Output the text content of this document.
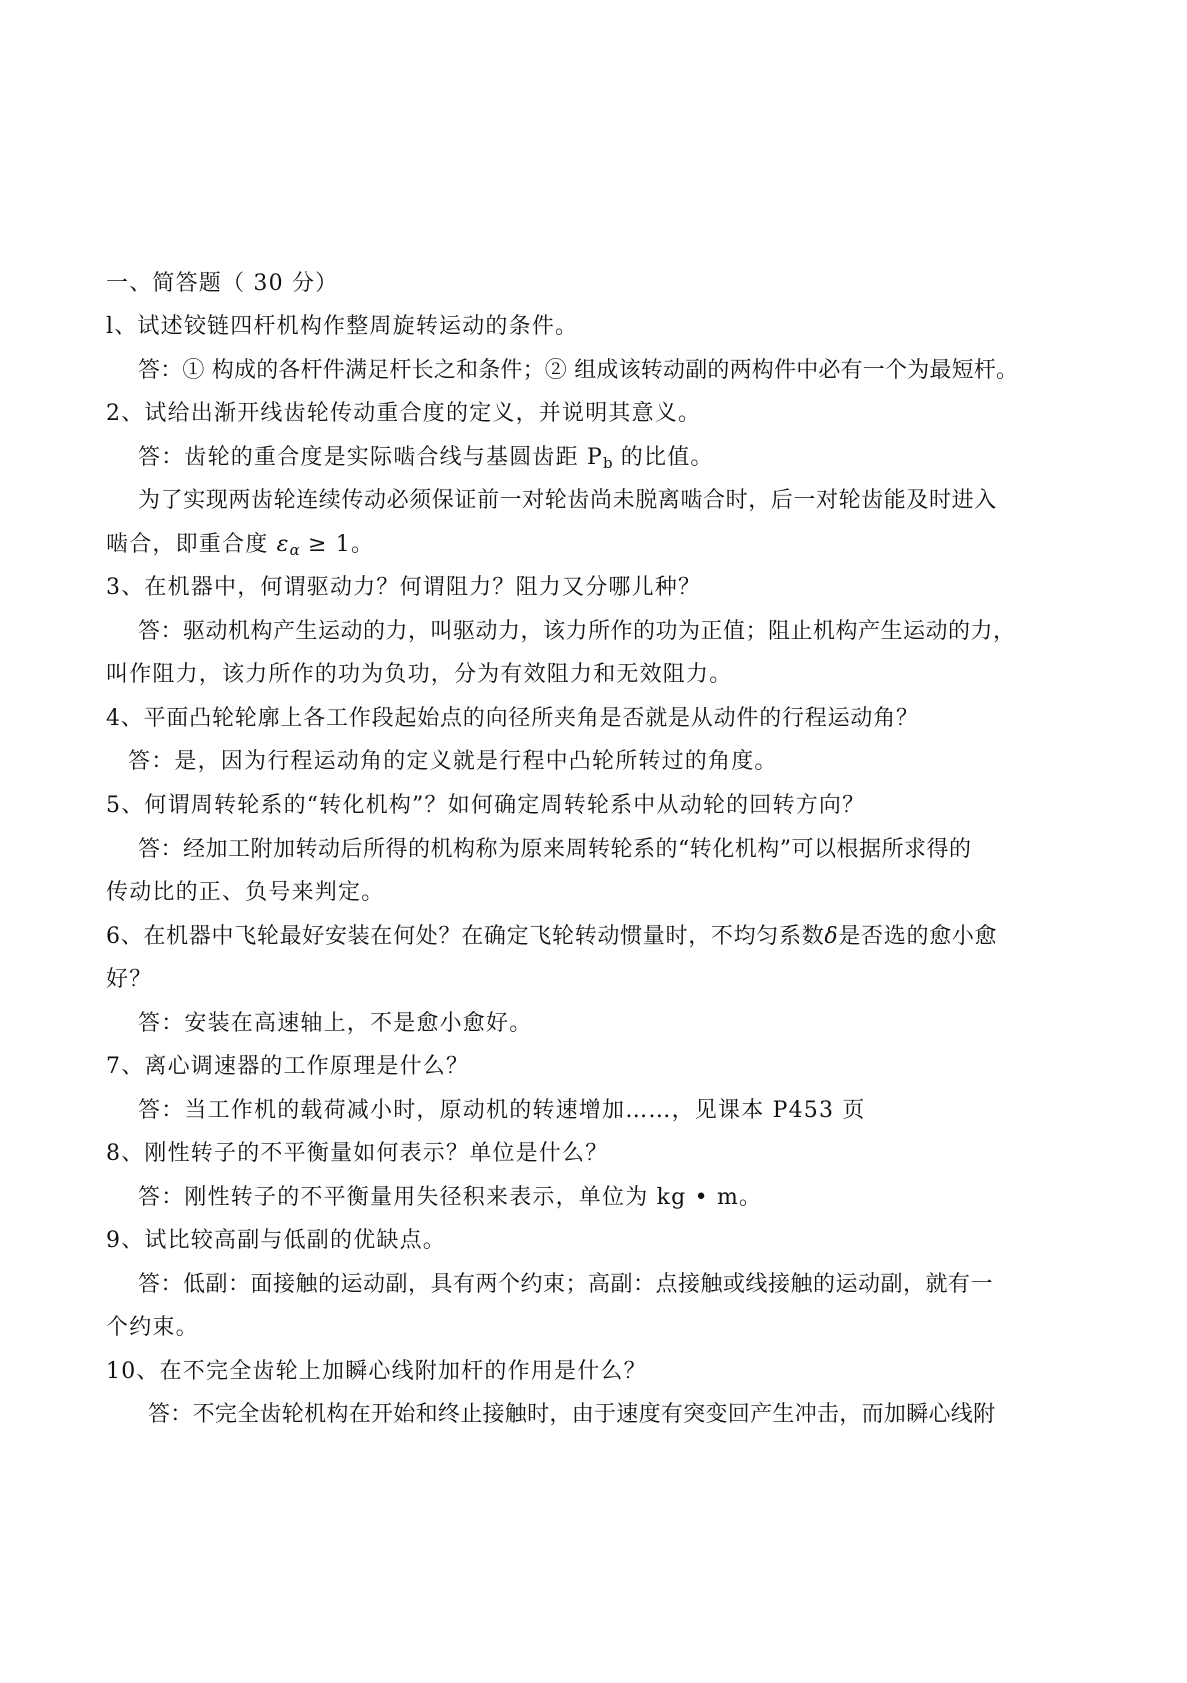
一、简答题（ 30 分）
l、试述铰链四杆机构作整周旋转运动的条件。
答：① 构成的各杆件满足杆长之和条件；② 组成该转动副的两构件中必有一个为最短杆。
2、试给出渐开线齿轮传动重合度的定义，并说明其意义。
答：齿轮的重合度是实际啮合线与基圆齿距 $P_b$ 的比值。
为了实现两齿轮连续传动必须保证前一对轮齿尚未脱离啮合时，后一对轮齿能及时进入
啮合，即重合度 $\varepsilon_\alpha \ge 1$。
3、在机器中，何谓驱动力？何谓阻力？阻力又分哪儿种？
答：驱动机构产生运动的力，叫驱动力，该力所作的功为正值；阻止机构产生运动的力，
叫作阻力，该力所作的功为负功，分为有效阻力和无效阻力。
4、平面凸轮轮廓上各工作段起始点的向径所夹角是否就是从动件的行程运动角？
答：是，因为行程运动角的定义就是行程中凸轮所转过的角度。
5、何谓周转轮系的“转化机构”？如何确定周转轮系中从动轮的回转方向？
答：经加工附加转动后所得的机构称为原来周转轮系的“转化机构”可以根据所求得的
传动比的正、负号来判定。
6、在机器中飞轮最好安装在何处？在确定飞轮转动惯量时，不均匀系数δ是否选的愈小愈
好？
答：安装在高速轴上，不是愈小愈好。
7、离心调速器的工作原理是什么？
答：当工作机的载荷减小时，原动机的转速增加……，见课本 P453 页
8、刚性转子的不平衡量如何表示？单位是什么？
答：刚性转子的不平衡量用失径积来表示，单位为 kg • m。
9、试比较高副与低副的优缺点。
答：低副：面接触的运动副，具有两个约束；高副：点接触或线接触的运动副，就有一
个约束。
10、在不完全齿轮上加瞬心线附加杆的作用是什么？
答：不完全齿轮机构在开始和终止接触时，由于速度有突变回产生冲击，而加瞬心线附
